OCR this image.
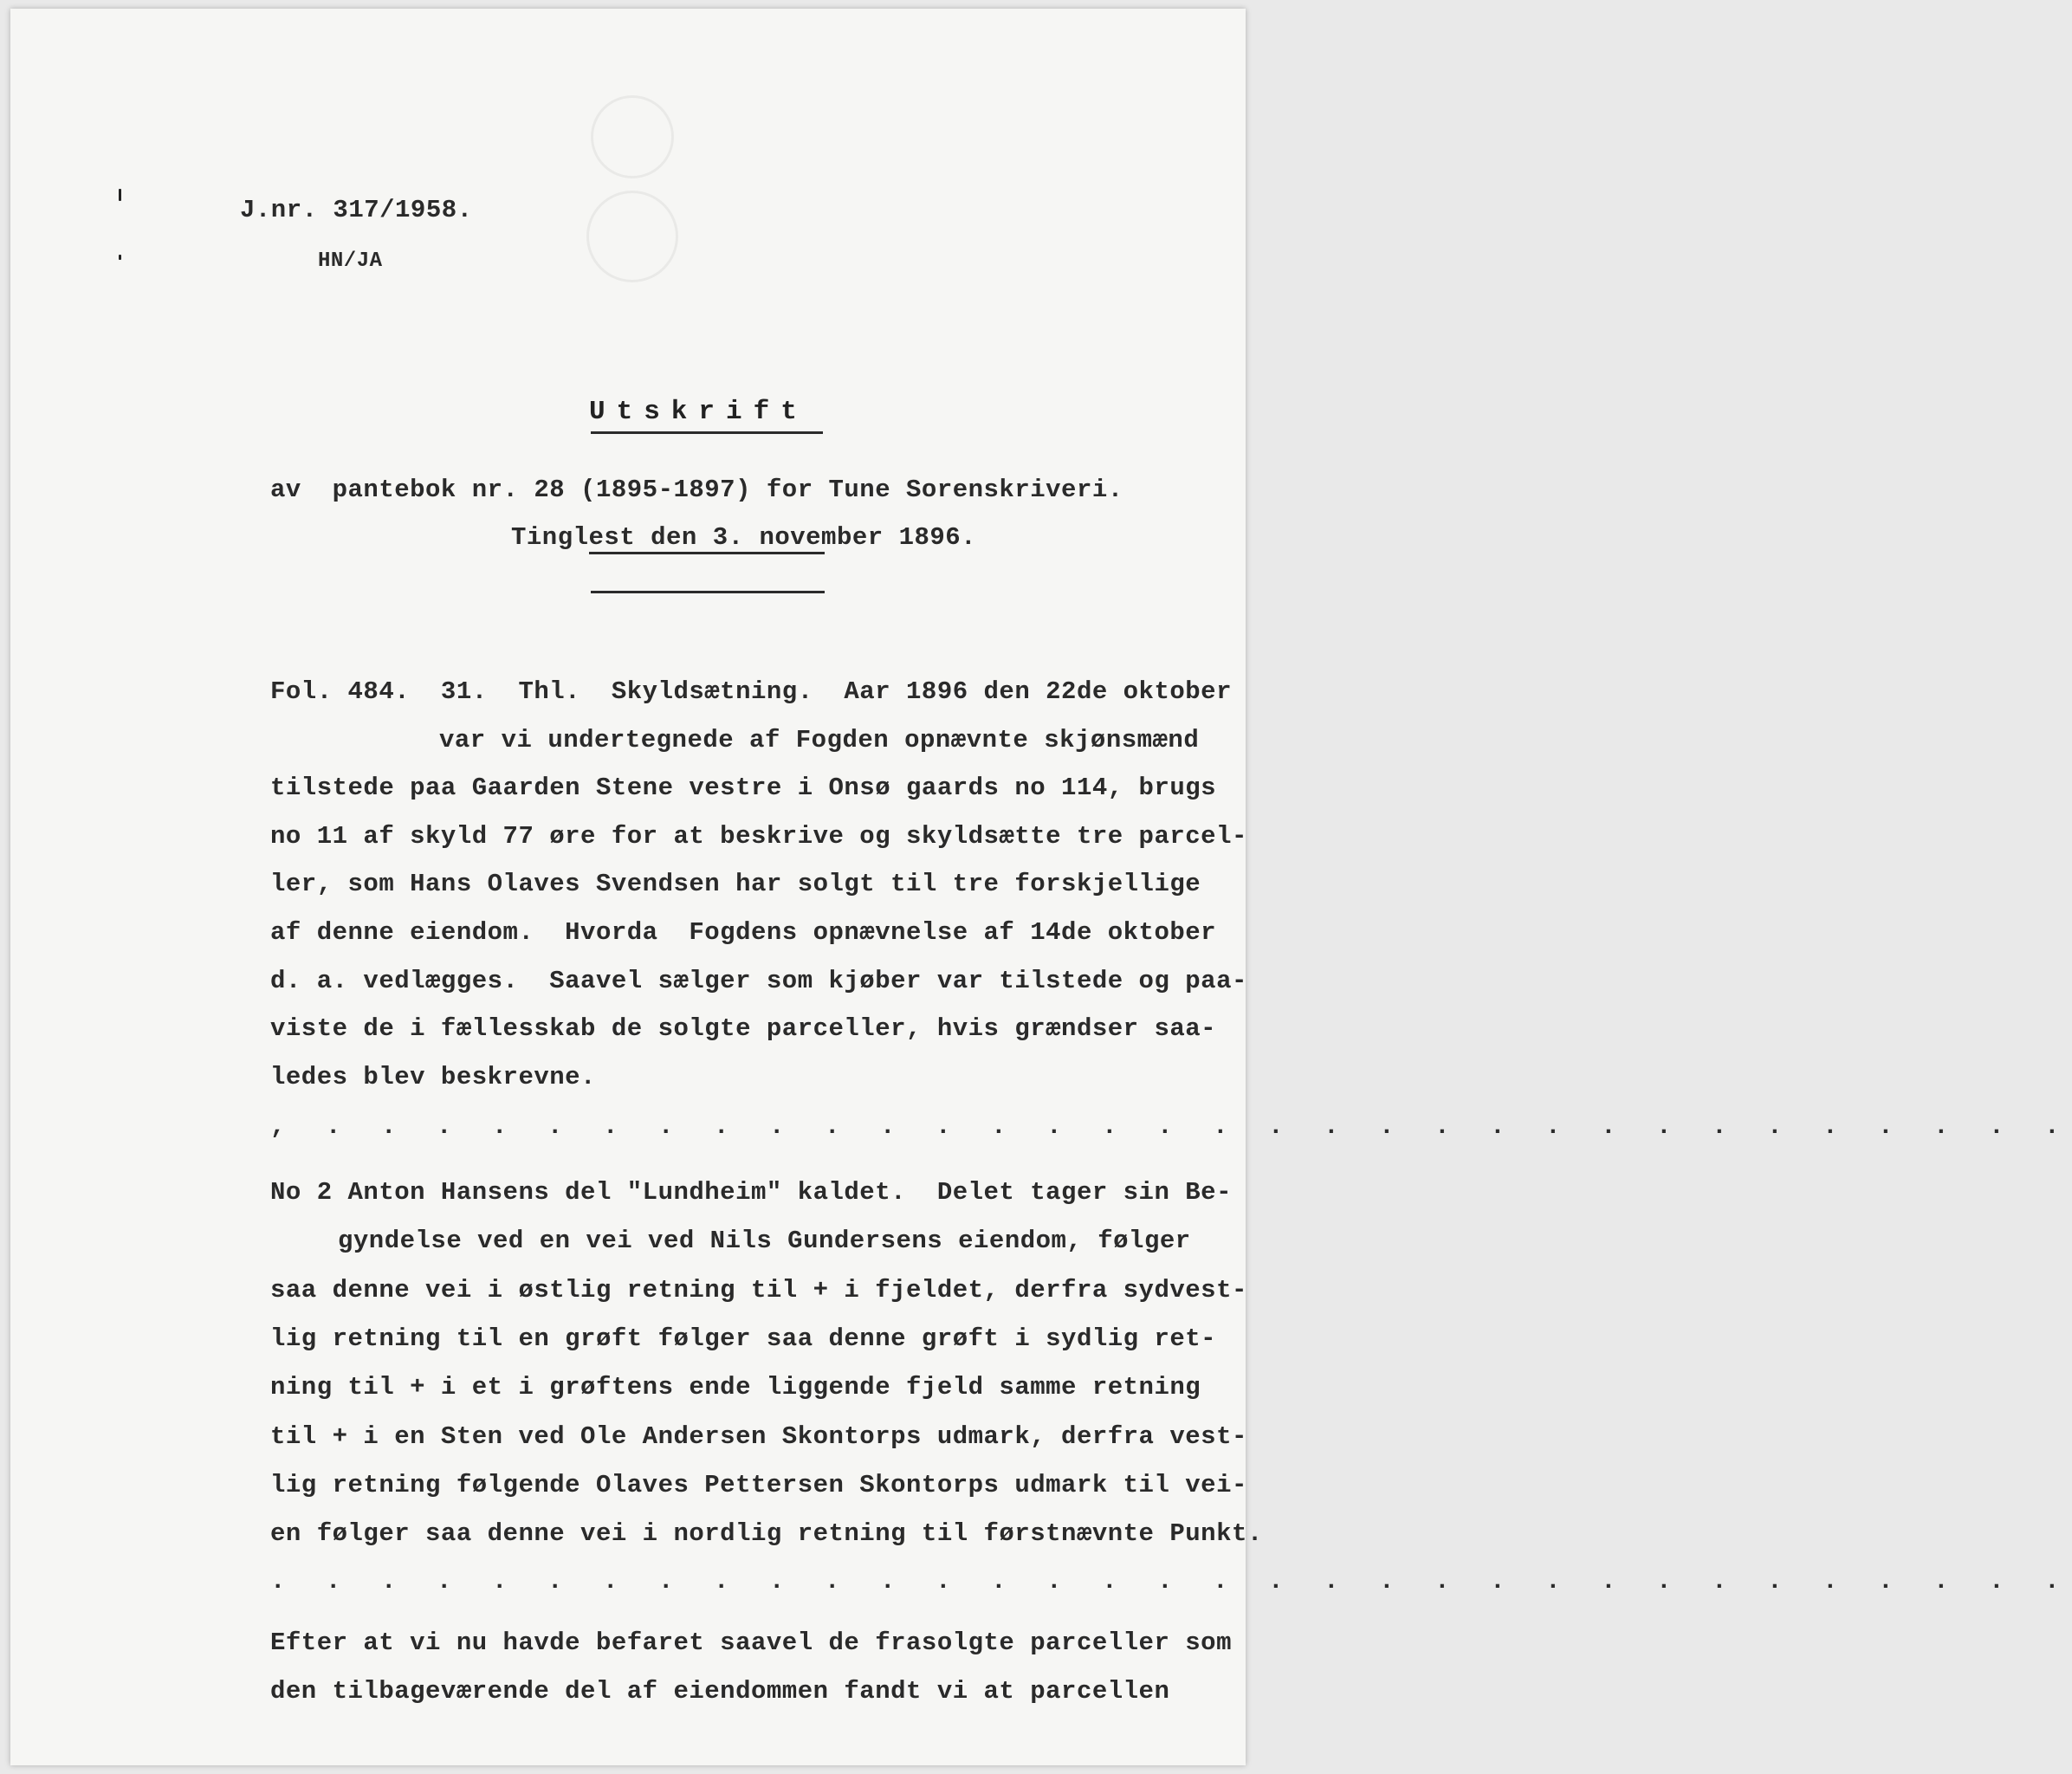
J.nr. 317/1958.
HN/JA
Utskrift
av  pantebok nr. 28 (1895-1897) for Tune Sorenskriveri.
Tinglest den 3. november 1896.
Fol. 484.  31.  Thl.  Skyldsætning.  Aar 1896 den 22de oktober
var vi undertegnede af Fogden opnævnte skjønsmænd
tilstede paa Gaarden Stene vestre i Onsø gaards no 114, brugs
no 11 af skyld 77 øre for at beskrive og skyldsætte tre parcel-
ler, som Hans Olaves Svendsen har solgt til tre forskjellige
af denne eiendom.  Hvorda  Fogdens opnævnelse af 14de oktober
d. a. vedlægges.  Saavel sælger som kjøber var tilstede og paa-
viste de i fællesskab de solgte parceller, hvis grændser saa-
ledes blev beskrevne.
, . . . . . . . . . . . . . . . . . . . . . . . . . . . . . . . .
No 2 Anton Hansens del "Lundheim" kaldet.  Delet tager sin Be-
gyndelse ved en vei ved Nils Gundersens eiendom, følger
saa denne vei i østlig retning til + i fjeldet, derfra sydvest-
lig retning til en grøft følger saa denne grøft i sydlig ret-
ning til + i et i grøftens ende liggende fjeld samme retning
til + i en Sten ved Ole Andersen Skontorps udmark, derfra vest-
lig retning følgende Olaves Pettersen Skontorps udmark til vei-
en følger saa denne vei i nordlig retning til førstnævnte Punkt.
. . . . . . . . . . . . . . . . . . . . . . . . . . . . . . . . .
Efter at vi nu havde befaret saavel de frasolgte parceller som
den tilbageværende del af eiendommen fandt vi at parcellen
